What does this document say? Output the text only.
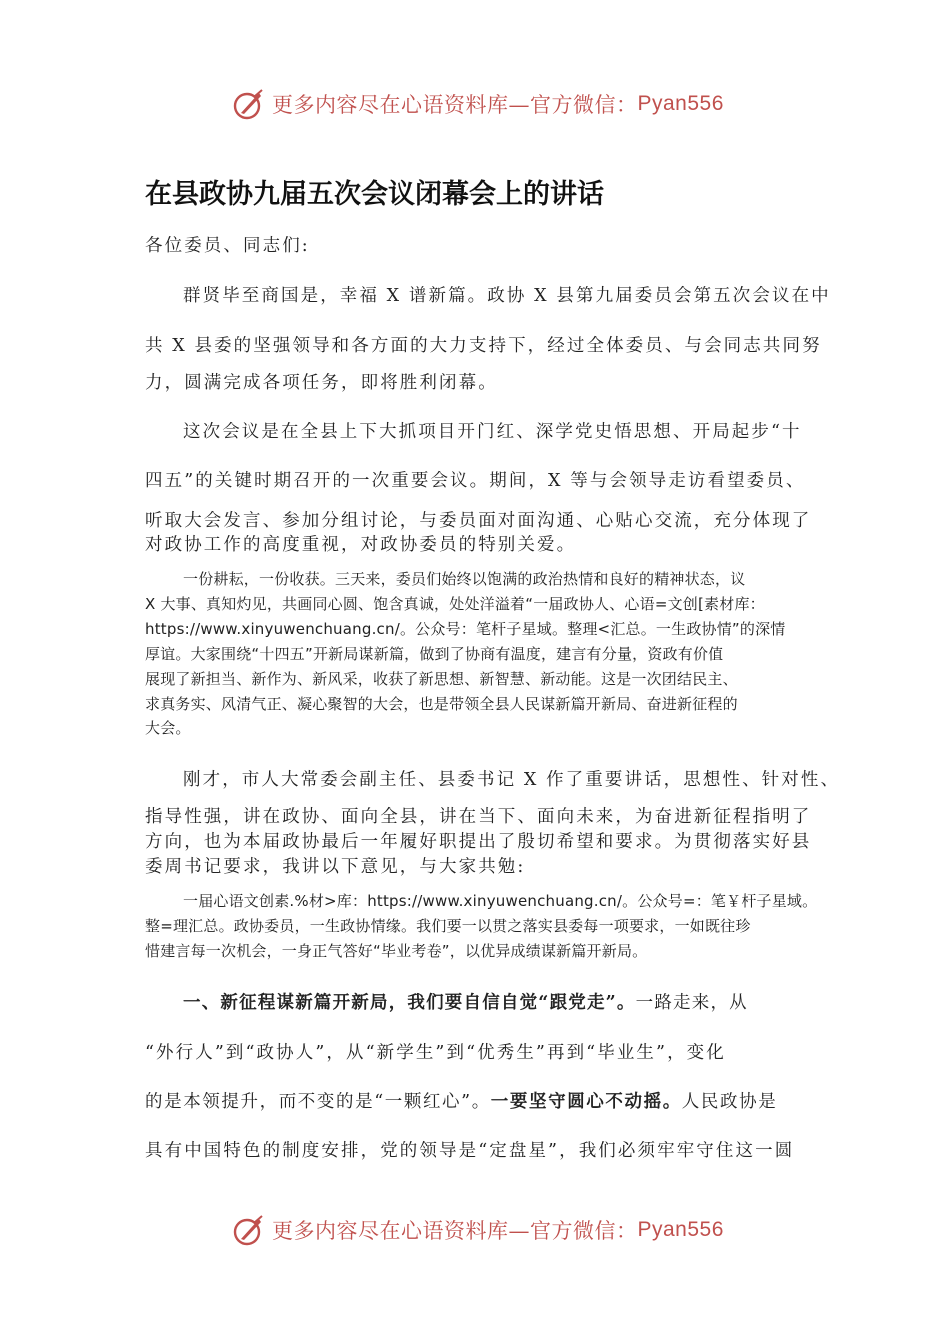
更多内容尽在心语资料库—官方微信： Pyan556
在县政协九届五次会议闭幕会上的讲话
各位委员、同志们:
群贤毕至商国是，幸福 X 谱新篇。政协 X 县第九届委员会第五次会议在中
共 X 县委的坚强领导和各方面的大力支持下，经过全体委员、与会同志共同努
力，圆满完成各项任务，即将胜利闭幕。
这次会议是在全县上下大抓项目开门红、深学党史悟思想、开局起步“十
四五”的关键时期召开的一次重要会议。期间，X 等与会领导走访看望委员、
听取大会发言、参加分组讨论，与委员面对面沟通、心贴心交流，充分体现了
对政协工作的高度重视，对政协委员的特别关爱。
一份耕耘，一份收获。三天来，委员们始终以饱满的政治热情和良好的精神状态，议
X 大事、真知灼见，共画同心圆、饱含真诚，处处洋溢着“一届政协人、心语=文创[素材库：
https://www.xinyuwenchuang.cn/。公众号：笔杆子星域。整理<汇总。一生政协情”的深情
厚谊。大家围绕“十四五”开新局谋新篇，做到了协商有温度，建言有分量，资政有价值
展现了新担当、新作为、新风采，收获了新思想、新智慧、新动能。这是一次团结民主、
求真务实、风清气正、凝心聚智的大会，也是带领全县人民谋新篇开新局、奋进新征程的
大会。
刚才，市人大常委会副主任、县委书记 X 作了重要讲话，思想性、针对性、
指导性强，讲在政协、面向全县，讲在当下、面向未来，为奋进新征程指明了
方向，也为本届政协最后一年履好职提出了殷切希望和要求。为贯彻落实好县
委周书记要求，我讲以下意见，与大家共勉:
一届心语文创素.%材>库：https://www.xinyuwenchuang.cn/。公众号=：笔￥杆子星域。
整=理汇总。政协委员，一生政协情缘。我们要一以贯之落实县委每一项要求，一如既往珍
惜建言每一次机会，一身正气答好“毕业考卷”，以优异成绩谋新篇开新局。
一、新征程谋新篇开新局，我们要自信自觉“跟党走”。一路走来，从
“外行人”到“政协人”，从“新学生”到“优秀生”再到“毕业生”，变化
的是本领提升，而不变的是“一颗红心”。一要坚守圆心不动摇。人民政协是
具有中国特色的制度安排，党的领导是“定盘星”，我们必须牢牢守住这一圆
更多内容尽在心语资料库—官方微信： Pyan556
